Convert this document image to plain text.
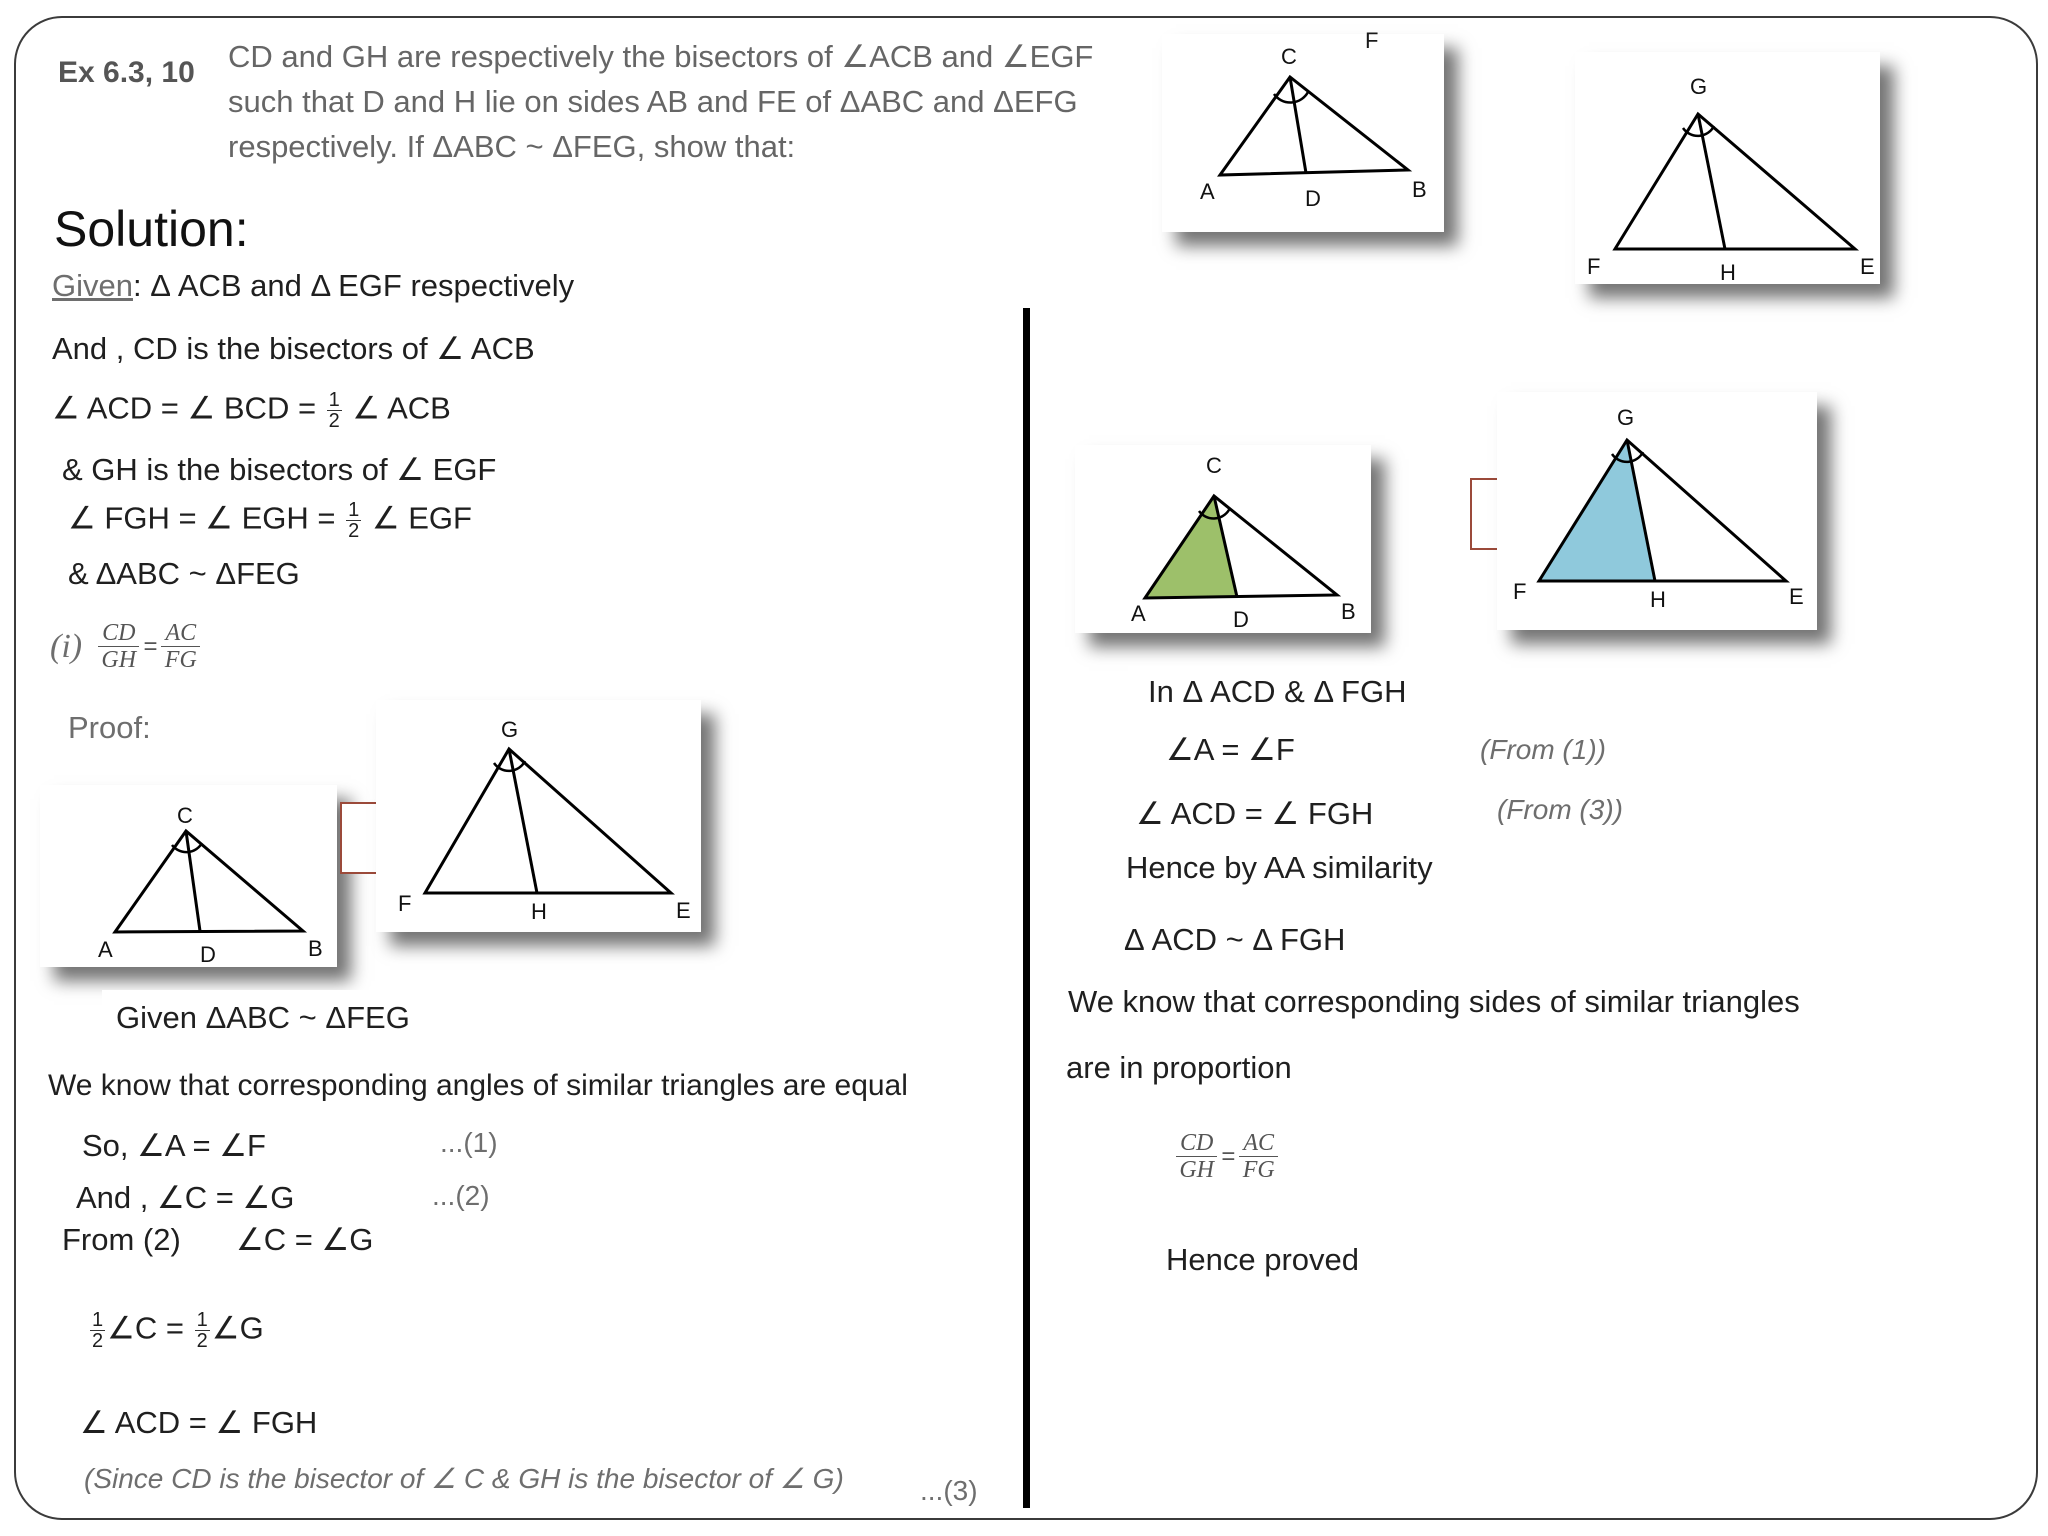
Ex 6.3, 10 CD and GH are respectively the bisectors of ∠ACB and ∠EGF
such that D and H lie on sides AB and FE of ΔABC and ΔEFG
respectively. If ΔABC ~ ΔFEG, show that:
C
A	D	B
F
G
F	H	E
Solution:
Given: Δ ACB and Δ EGF respectively
And , CD is the bisectors of ∠ ACB
∠ ACD = ∠ BCD = $\frac{1}{2}$ ∠ ACB
& GH is the bisectors of ∠ EGF
∠ FGH = ∠ EGH = $\frac{1}{2}$ ∠ EGF
& ΔABC ~ ΔFEG
$(i) \frac{CD}{GH} = \frac{AC}{FG}$
Proof:
C
A	D	B
G
F	H	E
Given ΔABC ~ ΔFEG
We know that corresponding angles of similar triangles are equal
So, ∠A = ∠F	...(1)
And , ∠C = ∠G	...(2)
From (2) ∠C = ∠G
$\frac{1}{2}$ ∠C = $\frac{1}{2}$ ∠G
∠ ACD = ∠ FGH
(Since CD is the bisector of ∠ C & GH is the bisector of ∠ G)	...(3)
C
A	D	B
G
F	H	E
In Δ ACD & Δ FGH
∠A = ∠F	(From (1))
∠ ACD = ∠ FGH	(From (3))
Hence by AA similarity
Δ ACD ~ Δ FGH
We know that corresponding sides of similar triangles
are in proportion
$\frac{CD}{GH} = \frac{AC}{FG}$
Hence proved
